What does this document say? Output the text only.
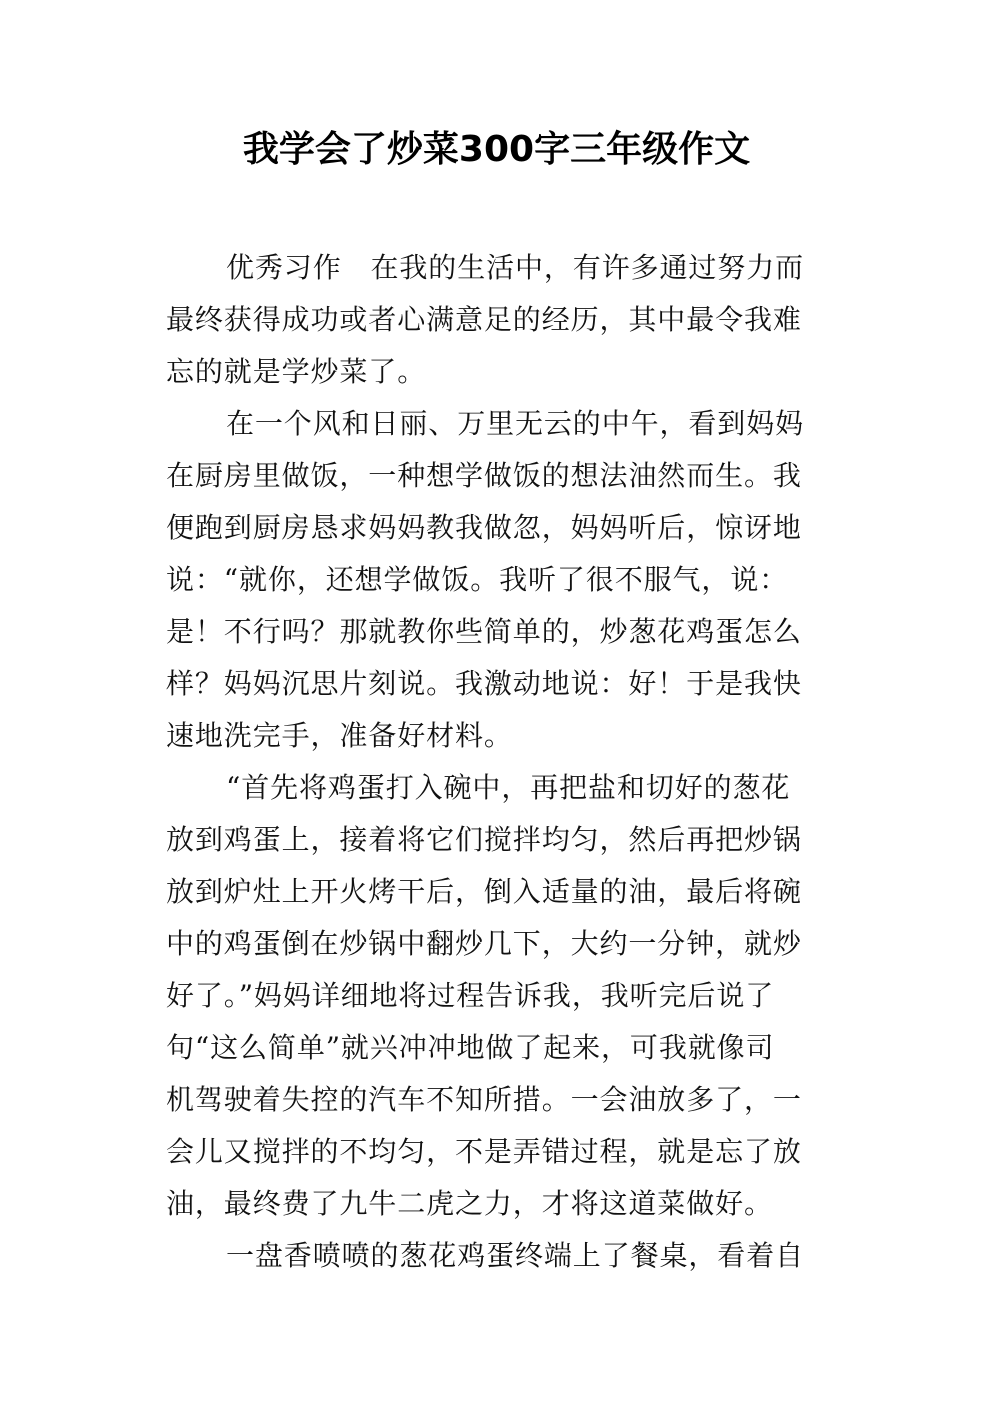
我学会了炒菜300字三年级作文
优秀习作　在我的生活中，有许多通过努力而
最终获得成功或者心满意足的经历，其中最令我难
忘的就是学炒菜了。
在一个风和日丽、万里无云的中午，看到妈妈
在厨房里做饭，一种想学做饭的想法油然而生。我
便跑到厨房恳求妈妈教我做忽，妈妈听后，惊讶地
说：“就你，还想学做饭。我听了很不服气，说：
是！不行吗？那就教你些简单的，炒葱花鸡蛋怎么
样？妈妈沉思片刻说。我激动地说：好！于是我快
速地洗完手，准备好材料。
“首先将鸡蛋打入碗中，再把盐和切好的葱花
放到鸡蛋上，接着将它们搅拌均匀，然后再把炒锅
放到炉灶上开火烤干后，倒入适量的油，最后将碗
中的鸡蛋倒在炒锅中翻炒几下，大约一分钟，就炒
好了。”妈妈详细地将过程告诉我，我听完后说了
句“这么简单”就兴冲冲地做了起来，可我就像司
机驾驶着失控的汽车不知所措。一会油放多了，一
会儿又搅拌的不均匀，不是弄错过程，就是忘了放
油，最终费了九牛二虎之力，才将这道菜做好。
一盘香喷喷的葱花鸡蛋终端上了餐桌，看着自
